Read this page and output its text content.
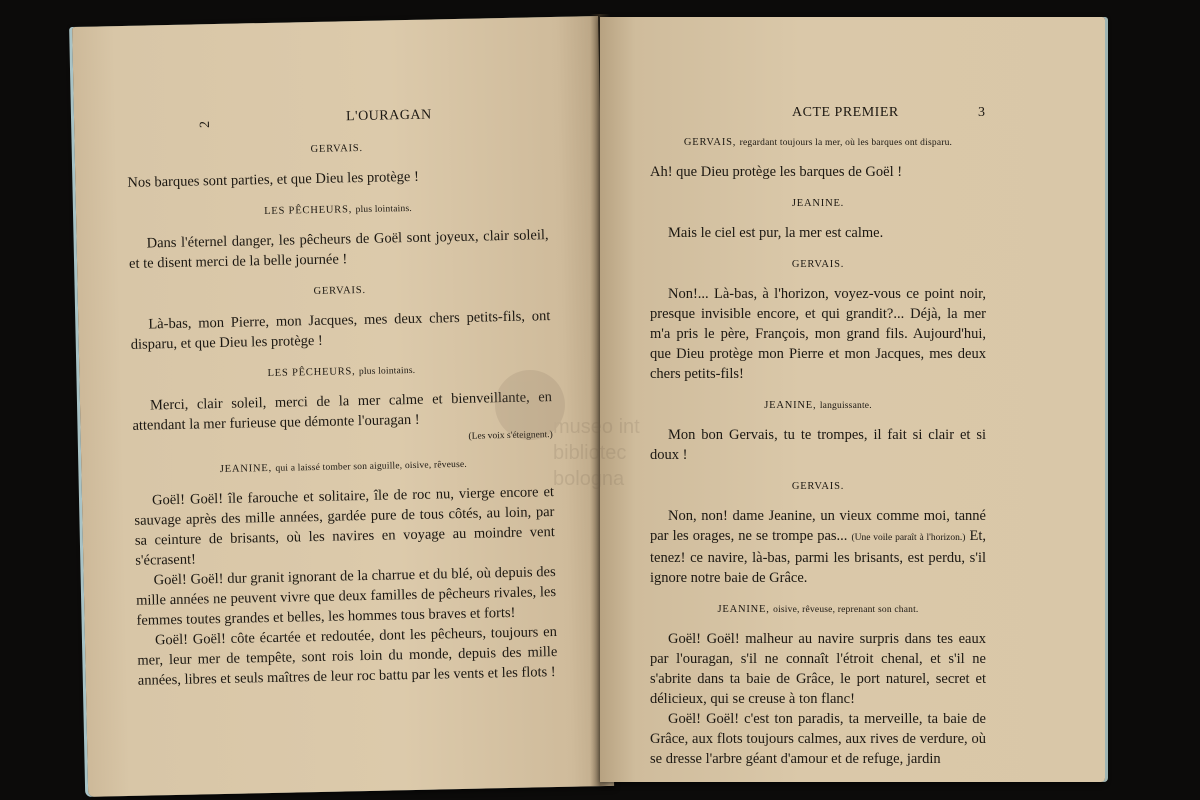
2	L'OURAGAN
GERVAIS.

Nos barques sont parties, et que Dieu les protège !

LES PÊCHEURS, plus lointains.

Dans l'éternel danger, les pêcheurs de Goël sont joyeux, clair soleil, et te disent merci de la belle journée !

GERVAIS.

Là-bas, mon Pierre, mon Jacques, mes deux chers petits-fils, ont disparu, et que Dieu les protège !

LES PÊCHEURS, plus lointains.

Merci, clair soleil, merci de la mer calme et bienveillante, en attendant la mer furieuse que démonte l'ouragan !
(Les voix s'éteignent.)

JEANINE, qui a laissé tomber son aiguille, oisive, rêveuse.

Goël! Goël! île farouche et solitaire, île de roc nu, vierge encore et sauvage après des mille années, gardée pure de tous côtés, au loin, par sa ceinture de brisants, où les navires en voyage au moindre vent s'écrasent!

Goël! Goël! dur granit ignorant de la charrue et du blé, où depuis des mille années ne peuvent vivre que deux familles de pêcheurs rivales, les femmes toutes grandes et belles, les hommes tous braves et forts!

Goël! Goël! côte écartée et redoutée, dont les pêcheurs, toujours en mer, leur mer de tempête, sont rois loin du monde, depuis des mille années, libres et seuls maîtres de leur roc battu par les vents et les flots !

ACTE PREMIER	3
GERVAIS, regardant toujours la mer, où les barques ont disparu.

Ah! que Dieu protège les barques de Goël !

JEANINE.

Mais le ciel est pur, la mer est calme.

GERVAIS.

Non!... Là-bas, à l'horizon, voyez-vous ce point noir, presque invisible encore, et qui grandit?... Déjà, la mer m'a pris le père, François, mon grand fils. Aujourd'hui, que Dieu protège mon Pierre et mon Jacques, mes deux chers petits-fils!

JEANINE, languissante.

Mon bon Gervais, tu te trompes, il fait si clair et si doux !

GERVAIS.

Non, non! dame Jeanine, un vieux comme moi, tanné par les orages, ne se trompe pas... (Une voile paraît à l'horizon.) Et, tenez! ce navire, là-bas, parmi les brisants, est perdu, s'il ignore notre baie de Grâce.

JEANINE, oisive, rêveuse, reprenant son chant.

Goël! Goël! malheur au navire surpris dans tes eaux par l'ouragan, s'il ne connaît l'étroit chenal, et s'il ne s'abrite dans ta baie de Grâce, le port naturel, secret et délicieux, qui se creuse à ton flanc!

Goël! Goël! c'est ton paradis, ta merveille, ta baie de Grâce, aux flots toujours calmes, aux rives de verdure, où se dresse l'arbre géant d'amour et de refuge, jardin
